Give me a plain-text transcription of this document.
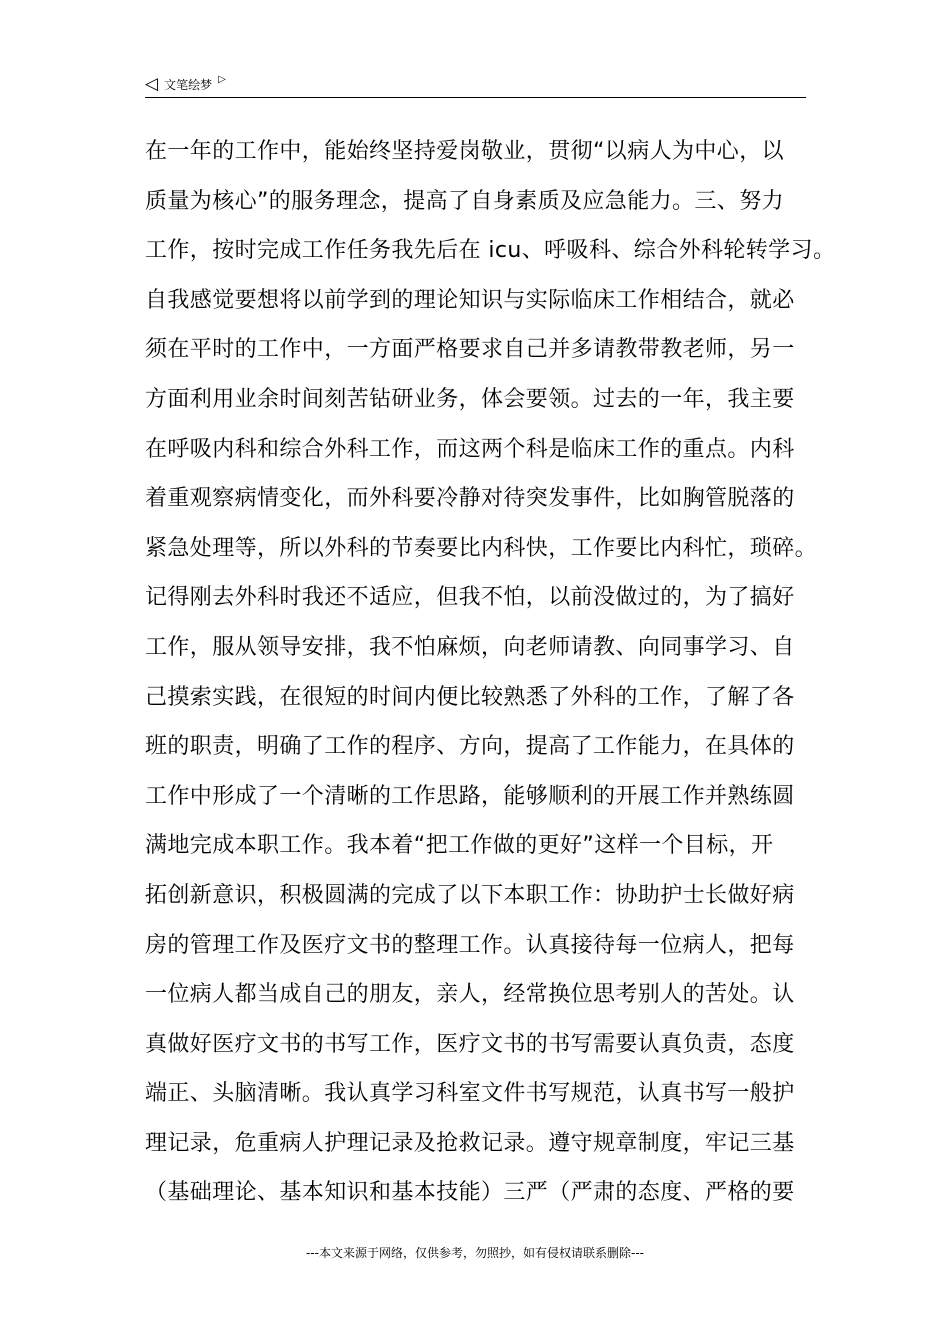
◁ 文笔绘梦 ▷
在一年的工作中，能始终坚持爱岗敬业，贯彻“以病人为中心，以
质量为核心”的服务理念，提高了自身素质及应急能力。三、努力
工作，按时完成工作任务我先后在 icu、呼吸科、综合外科轮转学习。
自我感觉要想将以前学到的理论知识与实际临床工作相结合，就必
须在平时的工作中，一方面严格要求自己并多请教带教老师，另一
方面利用业余时间刻苦钻研业务，体会要领。过去的一年，我主要
在呼吸内科和综合外科工作，而这两个科是临床工作的重点。内科
着重观察病情变化，而外科要冷静对待突发事件，比如胸管脱落的
紧急处理等，所以外科的节奏要比内科快，工作要比内科忙，琐碎。
记得刚去外科时我还不适应，但我不怕，以前没做过的，为了搞好
工作，服从领导安排，我不怕麻烦，向老师请教、向同事学习、自
己摸索实践，在很短的时间内便比较熟悉了外科的工作，了解了各
班的职责，明确了工作的程序、方向，提高了工作能力，在具体的
工作中形成了一个清晰的工作思路，能够顺利的开展工作并熟练圆
满地完成本职工作。我本着“把工作做的更好”这样一个目标，开
拓创新意识，积极圆满的完成了以下本职工作：协助护士长做好病
房的管理工作及医疗文书的整理工作。认真接待每一位病人，把每
一位病人都当成自己的朋友，亲人，经常换位思考别人的苦处。认
真做好医疗文书的书写工作，医疗文书的书写需要认真负责，态度
端正、头脑清晰。我认真学习科室文件书写规范，认真书写一般护
理记录，危重病人护理记录及抢救记录。遵守规章制度，牢记三基
（基础理论、基本知识和基本技能）三严（严肃的态度、严格的要
---本文来源于网络，仅供参考，勿照抄，如有侵权请联系删除---
